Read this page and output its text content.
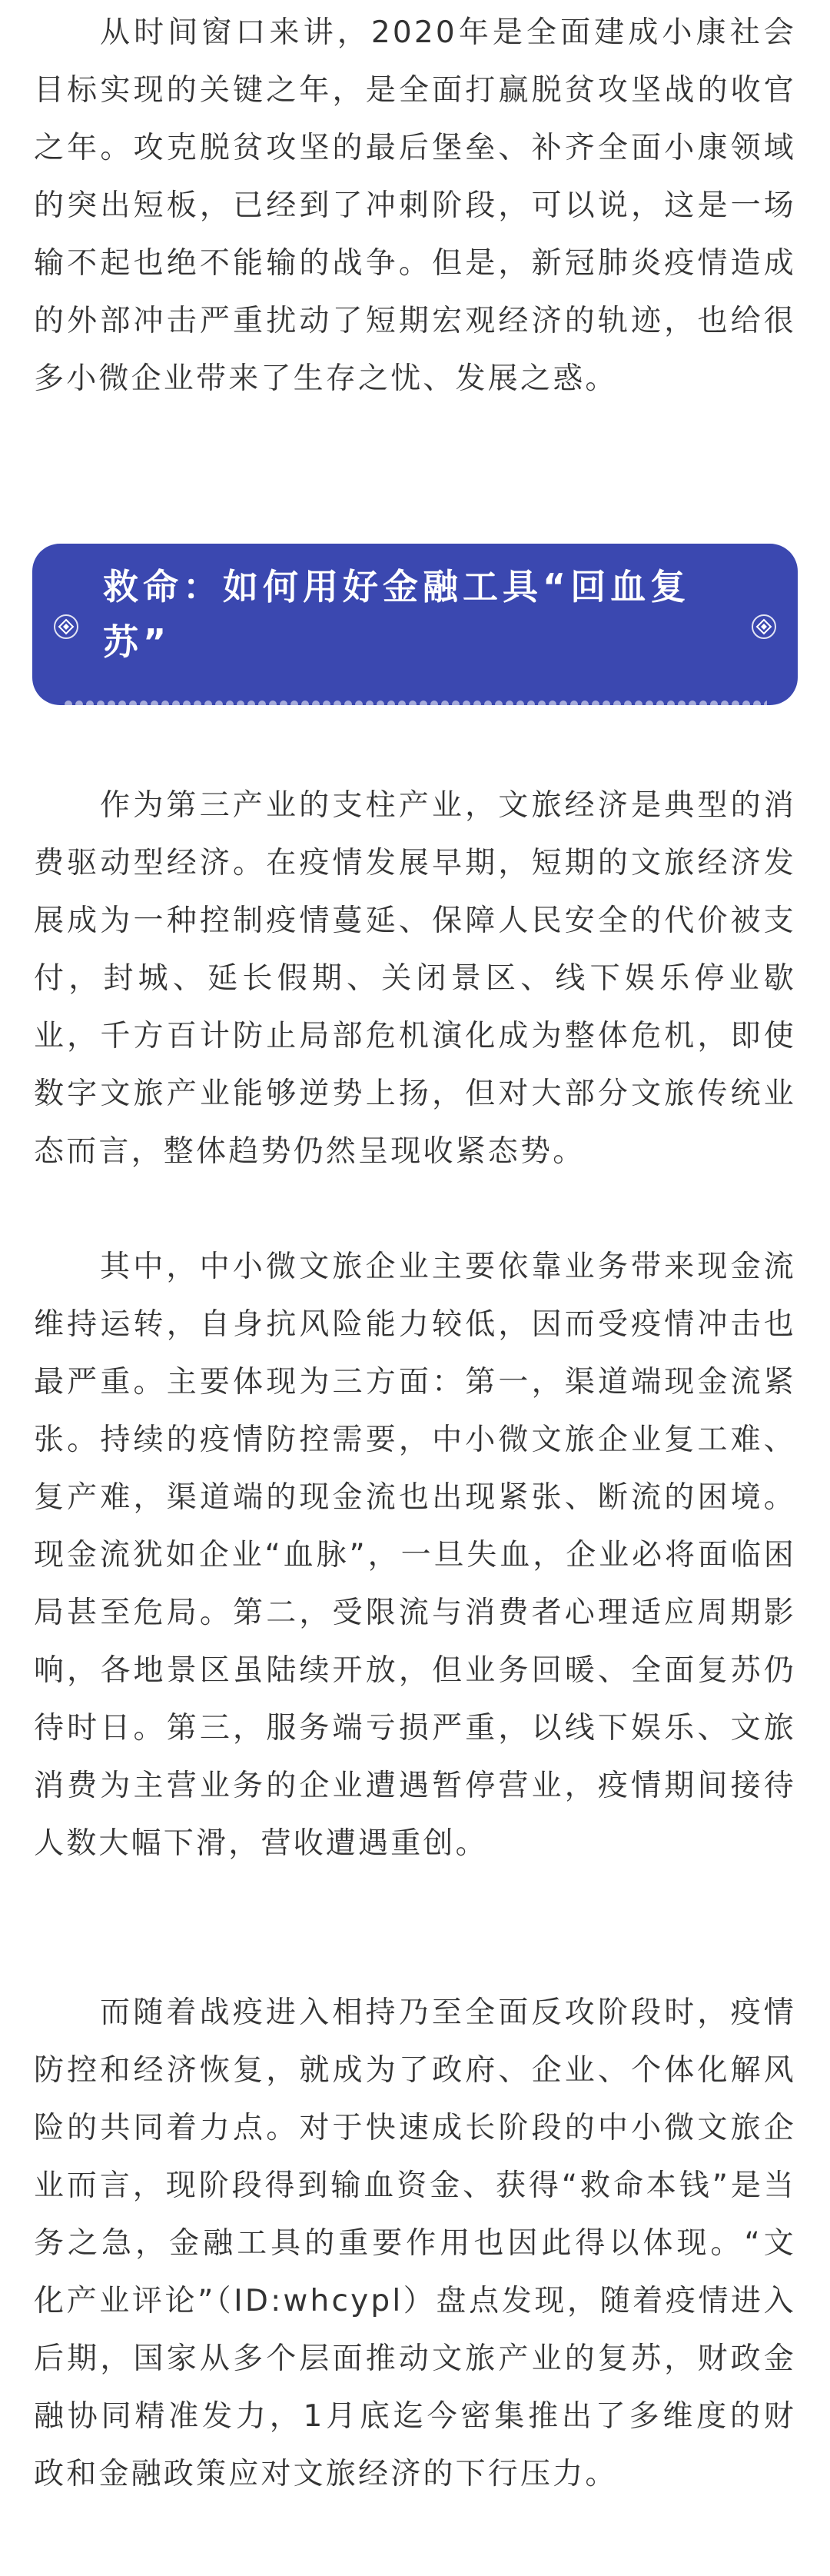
从时间窗口来讲，2020年是全面建成小康社会目标实现的关键之年，是全面打赢脱贫攻坚战的收官之年。攻克脱贫攻坚的最后堡垒、补齐全面小康领域的突出短板，已经到了冲刺阶段，可以说，这是一场输不起也绝不能输的战争。但是，新冠肺炎疫情造成的外部冲击严重扰动了短期宏观经济的轨迹，也给很多小微企业带来了生存之忧、发展之惑。

作为第三产业的支柱产业，文旅经济是典型的消费驱动型经济。在疫情发展早期，短期的文旅经济发展成为一种控制疫情蔓延、保障人民安全的代价被支付，封城、延长假期、关闭景区、线下娱乐停业歇业，千方百计防止局部危机演化成为整体危机，即使数字文旅产业能够逆势上扬，但对大部分文旅传统业态而言，整体趋势仍然呈现收紧态势。

其中，中小微文旅企业主要依靠业务带来现金流维持运转，自身抗风险能力较低，因而受疫情冲击也最严重。主要体现为三方面：第一，渠道端现金流紧张。持续的疫情防控需要，中小微文旅企业复工难、复产难，渠道端的现金流也出现紧张、断流的困境。现金流犹如企业“血脉”，一旦失血，企业必将面临困局甚至危局。第二，受限流与消费者心理适应周期影响，各地景区虽陆续开放，但业务回暖、全面复苏仍待时日。第三，服务端亏损严重，以线下娱乐、文旅消费为主营业务的企业遭遇暂停营业，疫情期间接待人数大幅下滑，营收遭遇重创。

而随着战疫进入相持乃至全面反攻阶段时，疫情防控和经济恢复，就成为了政府、企业、个体化解风险的共同着力点。对于快速成长阶段的中小微文旅企业而言，现阶段得到输血资金、获得“救命本钱”是当务之急，金融工具的重要作用也因此得以体现。“文化产业评论”（ID:whcypl）盘点发现，随着疫情进入后期，国家从多个层面推动文旅产业的复苏，财政金融协同精准发力，1月底迄今密集推出了多维度的财政和金融政策应对文旅经济的下行压力。

救命：如何用好金融工具“回血复苏”
